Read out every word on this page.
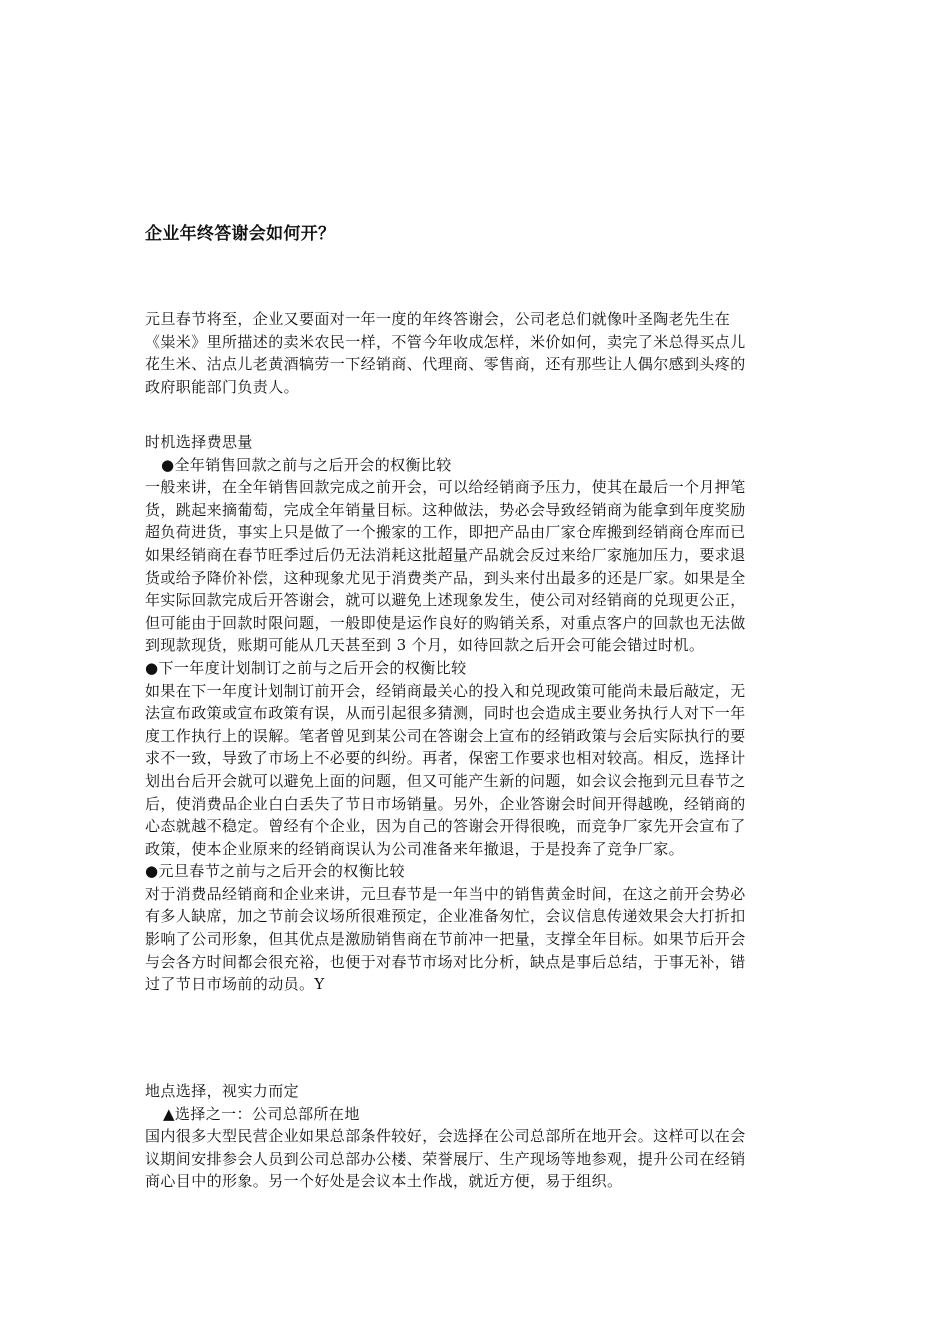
企业年终答谢会如何开？
元旦春节将至，企业又要面对一年一度的年终答谢会，公司老总们就像叶圣陶老先生在
《粜米》里所描述的卖米农民一样，不管今年收成怎样，米价如何，卖完了米总得买点儿
花生米、沽点儿老黄酒犒劳一下经销商、代理商、零售商，还有那些让人偶尔感到头疼的
政府职能部门负责人。
时机选择费思量
●全年销售回款之前与之后开会的权衡比较
一般来讲，在全年销售回款完成之前开会，可以给经销商予压力，使其在最后一个月押笔
货，跳起来摘葡萄，完成全年销量目标。这种做法，势必会导致经销商为能拿到年度奖励
超负荷进货，事实上只是做了一个搬家的工作，即把产品由厂家仓库搬到经销商仓库而已
如果经销商在春节旺季过后仍无法消耗这批超量产品就会反过来给厂家施加压力，要求退
货或给予降价补偿，这种现象尤见于消费类产品，到头来付出最多的还是厂家。如果是全
年实际回款完成后开答谢会，就可以避免上述现象发生，使公司对经销商的兑现更公正，
但可能由于回款时限问题，一般即使是运作良好的购销关系，对重点客户的回款也无法做
到现款现货，账期可能从几天甚至到 3 个月，如待回款之后开会可能会错过时机。
●下一年度计划制订之前与之后开会的权衡比较
如果在下一年度计划制订前开会，经销商最关心的投入和兑现政策可能尚未最后敲定，无
法宣布政策或宣布政策有误，从而引起很多猜测，同时也会造成主要业务执行人对下一年
度工作执行上的误解。笔者曾见到某公司在答谢会上宣布的经销政策与会后实际执行的要
求不一致，导致了市场上不必要的纠纷。再者，保密工作要求也相对较高。相反，选择计
划出台后开会就可以避免上面的问题，但又可能产生新的问题，如会议会拖到元旦春节之
后，使消费品企业白白丢失了节日市场销量。另外，企业答谢会时间开得越晚，经销商的
心态就越不稳定。曾经有个企业，因为自己的答谢会开得很晚，而竞争厂家先开会宣布了
政策，使本企业原来的经销商误认为公司准备来年撤退，于是投奔了竞争厂家。
●元旦春节之前与之后开会的权衡比较
对于消费品经销商和企业来讲，元旦春节是一年当中的销售黄金时间，在这之前开会势必
有多人缺席，加之节前会议场所很难预定，企业准备匆忙，会议信息传递效果会大打折扣
影响了公司形象，但其优点是激励销售商在节前冲一把量，支撑全年目标。如果节后开会
与会各方时间都会很充裕，也便于对春节市场对比分析，缺点是事后总结，于事无补，错
过了节日市场前的动员。Y
地点选择，视实力而定
▲选择之一：公司总部所在地
国内很多大型民营企业如果总部条件较好，会选择在公司总部所在地开会。这样可以在会
议期间安排参会人员到公司总部办公楼、荣誉展厅、生产现场等地参观，提升公司在经销
商心目中的形象。另一个好处是会议本土作战，就近方便，易于组织。
